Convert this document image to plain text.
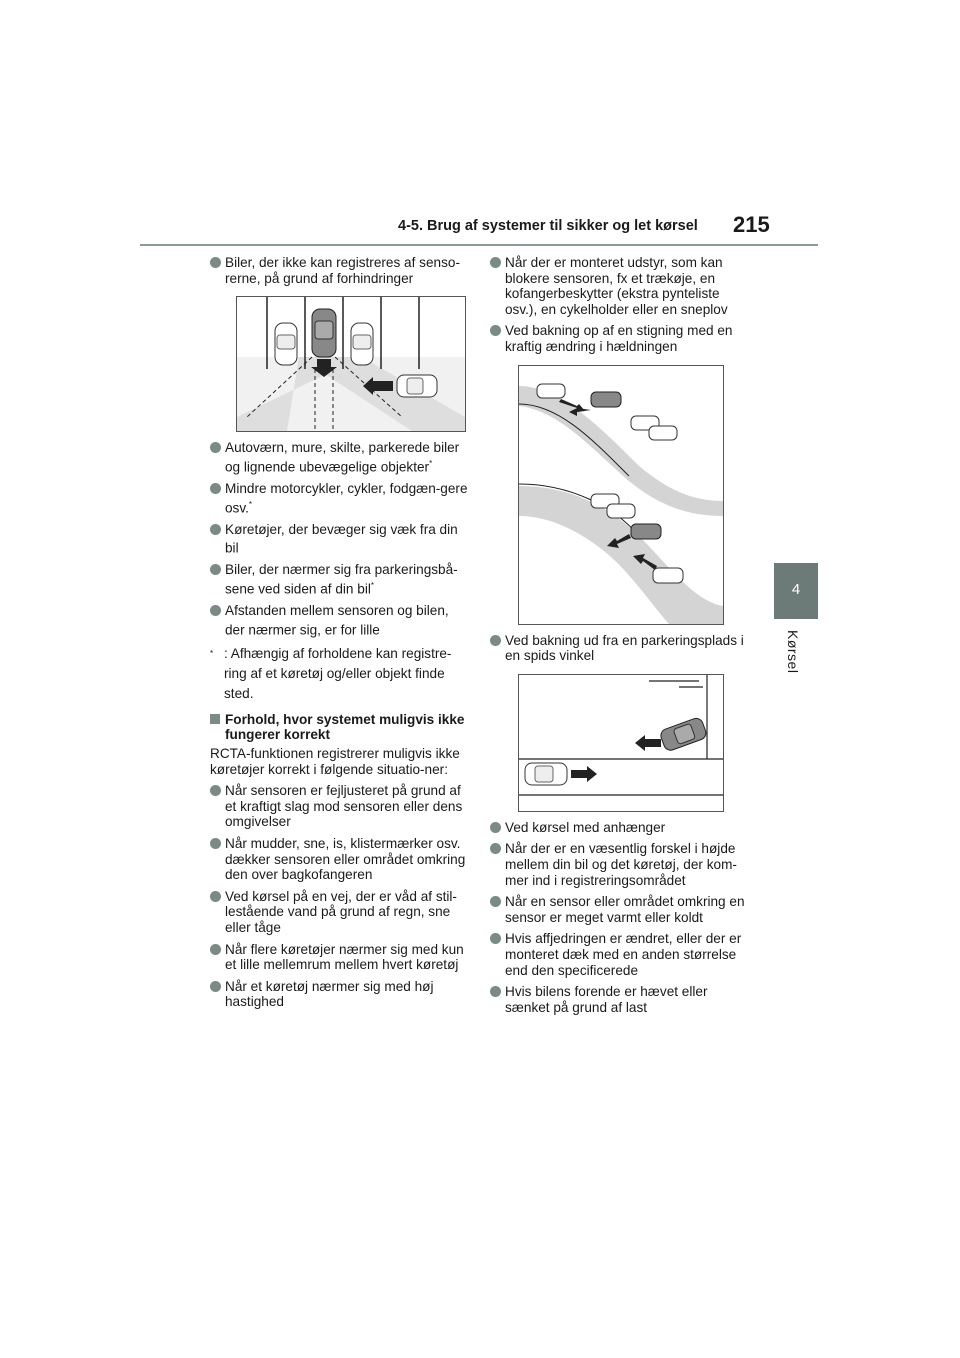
4-5. Brug af systemer til sikker og let kørsel 215
4
Kørsel
Biler, der ikke kan registreres af senso-rerne, på grund af forhindringer
Autoværn, mure, skilte, parkerede biler og lignende ubevægelige objekter*
Mindre motorcykler, cykler, fodgæn-gere osv.*
Køretøjer, der bevæger sig væk fra din bil
Biler, der nærmer sig fra parkeringsbå-sene ved siden af din bil*
Afstanden mellem sensoren og bilen, der nærmer sig, er for lille
* : Afhængig af forholdene kan registre-ring af et køretøj og/eller objekt finde sted.
Forhold, hvor systemet muligvis ikke fungerer korrekt
RCTA-funktionen registrerer muligvis ikke køretøjer korrekt i følgende situatio-ner:
Når sensoren er fejljusteret på grund af et kraftigt slag mod sensoren eller dens omgivelser
Når mudder, sne, is, klistermærker osv. dækker sensoren eller området omkring den over bagkofangeren
Ved kørsel på en vej, der er våd af stil-lestående vand på grund af regn, sne eller tåge
Når flere køretøjer nærmer sig med kun et lille mellemrum mellem hvert køretøj
Når et køretøj nærmer sig med høj hastighed
Når der er monteret udstyr, som kan blokere sensoren, fx et trækøje, en kofangerbeskytter (ekstra pynteliste osv.), en cykelholder eller en sneplov
Ved bakning op af en stigning med en kraftig ændring i hældningen
Ved bakning ud fra en parkeringsplads i en spids vinkel
Ved kørsel med anhænger
Når der er en væsentlig forskel i højde mellem din bil og det køretøj, der kom-mer ind i registreringsområdet
Når en sensor eller området omkring en sensor er meget varmt eller koldt
Hvis affjedringen er ændret, eller der er monteret dæk med en anden størrelse end den specificerede
Hvis bilens forende er hævet eller sænket på grund af last
